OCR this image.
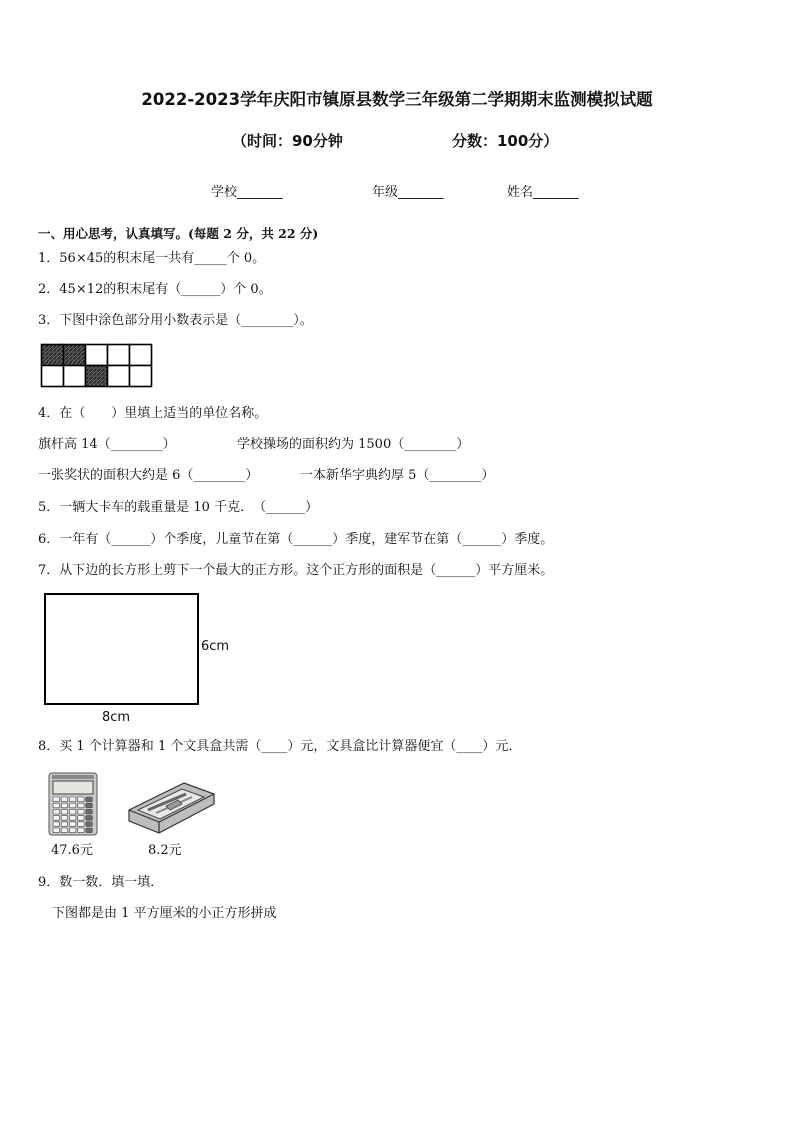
2022-2023学年庆阳市镇原县数学三年级第二学期期末监测模拟试题
（时间：90分钟	分数：100分）
学校_______	年级_______	姓名_______
一、用心思考，认真填写。(每题 2 分，共 22 分)
1．56×45的积末尾一共有_____个 0。
2．45×12的积末尾有（______）个 0。
3．下图中涂色部分用小数表示是（________）。
4．在（　　）里填上适当的单位名称。
旗杆高 14（________）	学校操场的面积约为 1500（________）
一张奖状的面积大约是 6（________）	一本新华字典约厚 5（________）
5．一辆大卡车的载重量是 10 千克．　（______）
6．一年有（______）个季度，儿童节在第（______）季度，建军节在第（______）季度。
7．从下边的长方形上剪下一个最大的正方形。这个正方形的面积是（______）平方厘米。
6cm
8cm
8．买 1 个计算器和 1 个文具盒共需（____）元，文具盒比计算器便宜（____）元．
47.6元	8.2元
9．数一数．填一填．
下图都是由 1 平方厘米的小正方形拼成
